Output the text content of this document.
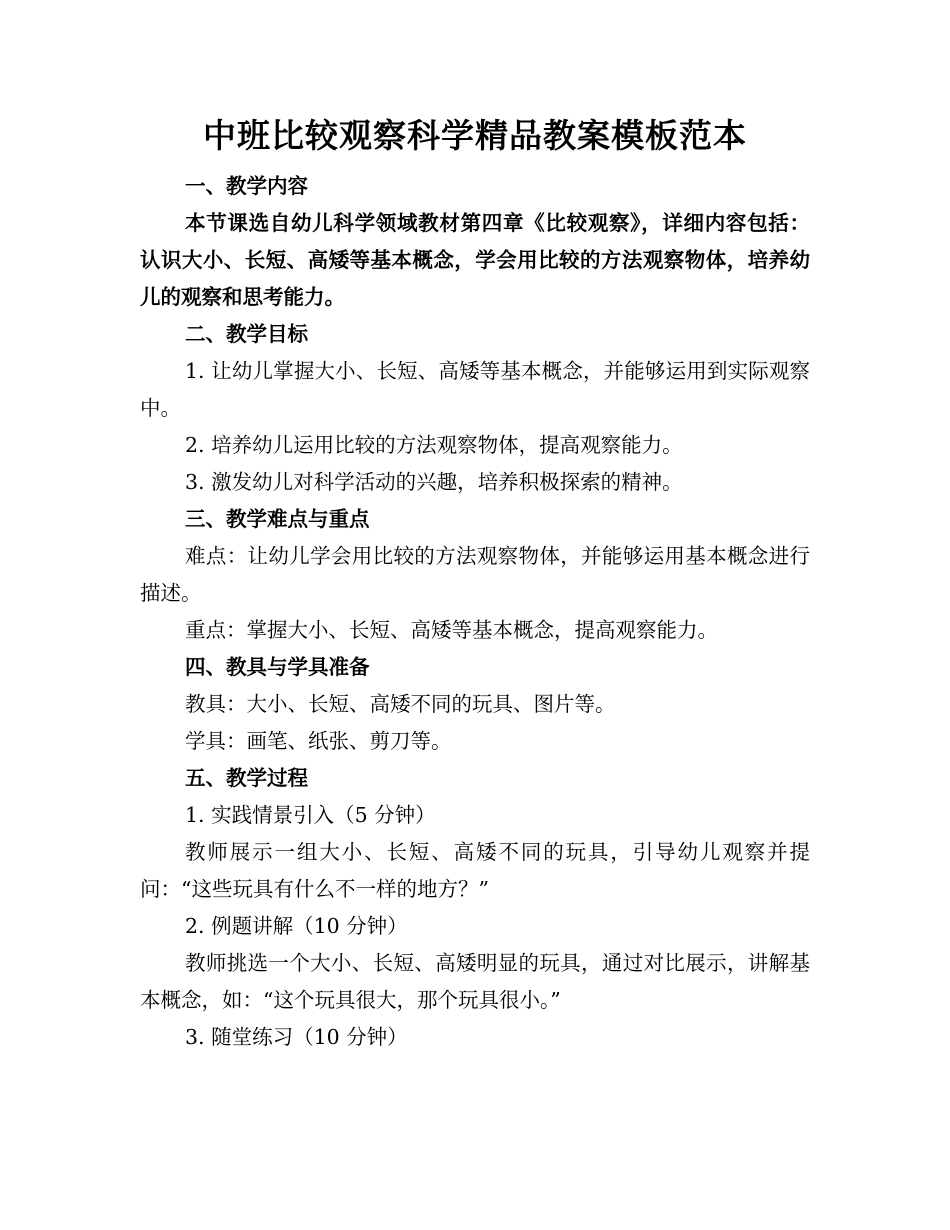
中班比较观察科学精品教案模板范本

一、教学内容

本节课选自幼儿科学领域教材第四章《比较观察》，详细内容包括：认识大小、长短、高矮等基本概念，学会用比较的方法观察物体，培养幼儿的观察和思考能力。

二、教学目标

1. 让幼儿掌握大小、长短、高矮等基本概念，并能够运用到实际观察中。

2. 培养幼儿运用比较的方法观察物体，提高观察能力。

3. 激发幼儿对科学活动的兴趣，培养积极探索的精神。

三、教学难点与重点

难点：让幼儿学会用比较的方法观察物体，并能够运用基本概念进行描述。

重点：掌握大小、长短、高矮等基本概念，提高观察能力。

四、教具与学具准备

教具：大小、长短、高矮不同的玩具、图片等。

学具：画笔、纸张、剪刀等。

五、教学过程

1. 实践情景引入（5 分钟）

教师展示一组大小、长短、高矮不同的玩具，引导幼儿观察并提问：“这些玩具有什么不一样的地方？”

2. 例题讲解（10 分钟）

教师挑选一个大小、长短、高矮明显的玩具，通过对比展示，讲解基本概念，如：“这个玩具很大，那个玩具很小。”

3. 随堂练习（10 分钟）
